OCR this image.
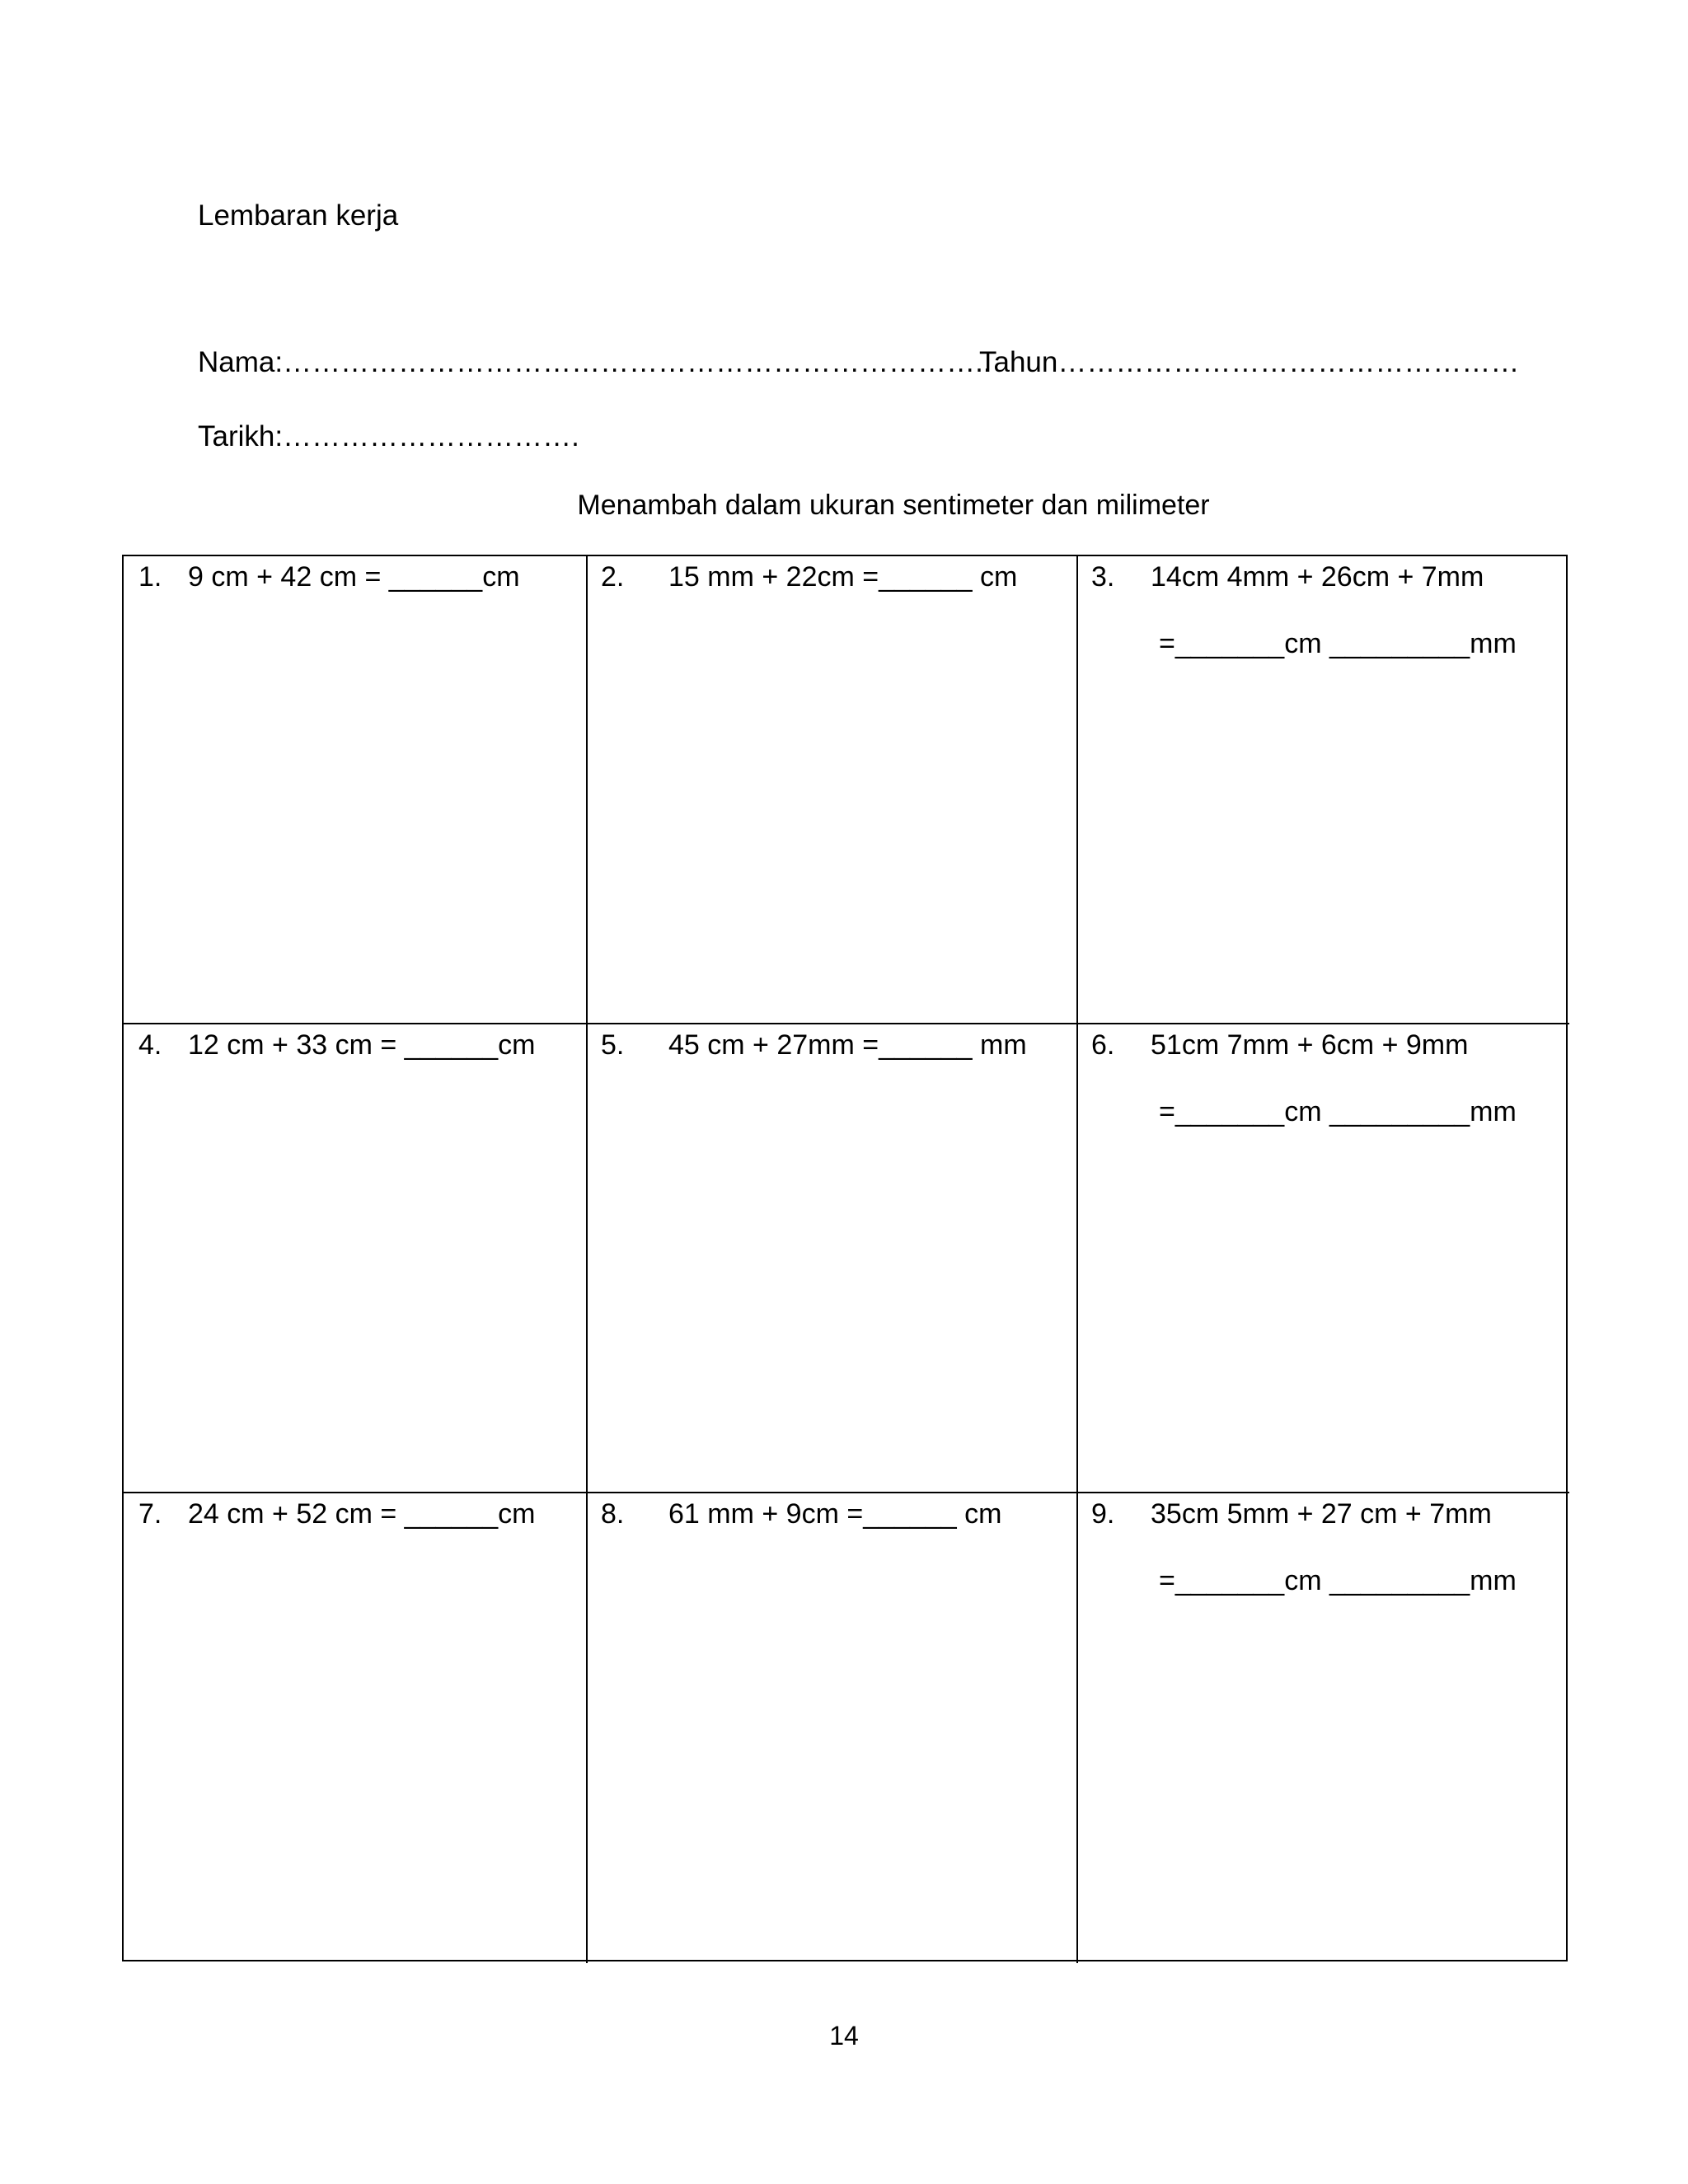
Lembaran kerja
Nama:………………………………………………………………..
Tahun…………………………………………
Tarikh:………………………….
Menambah dalam ukuran sentimeter dan milimeter
1. 9 cm + 42 cm = ______cm	2. 15 mm + 22cm =______ cm	3. 14cm 4mm + 26cm + 7mm
=_______cm _________mm
4. 12 cm + 33 cm = ______cm 5. 45 cm + 27mm =______ mm 6. 51cm 7mm + 6cm + 9mm
=_______cm _________mm
7. 24 cm + 52 cm = ______cm 8. 61 mm + 9cm =______ cm	9. 35cm 5mm + 27 cm + 7mm
=_______cm _________mm
14
